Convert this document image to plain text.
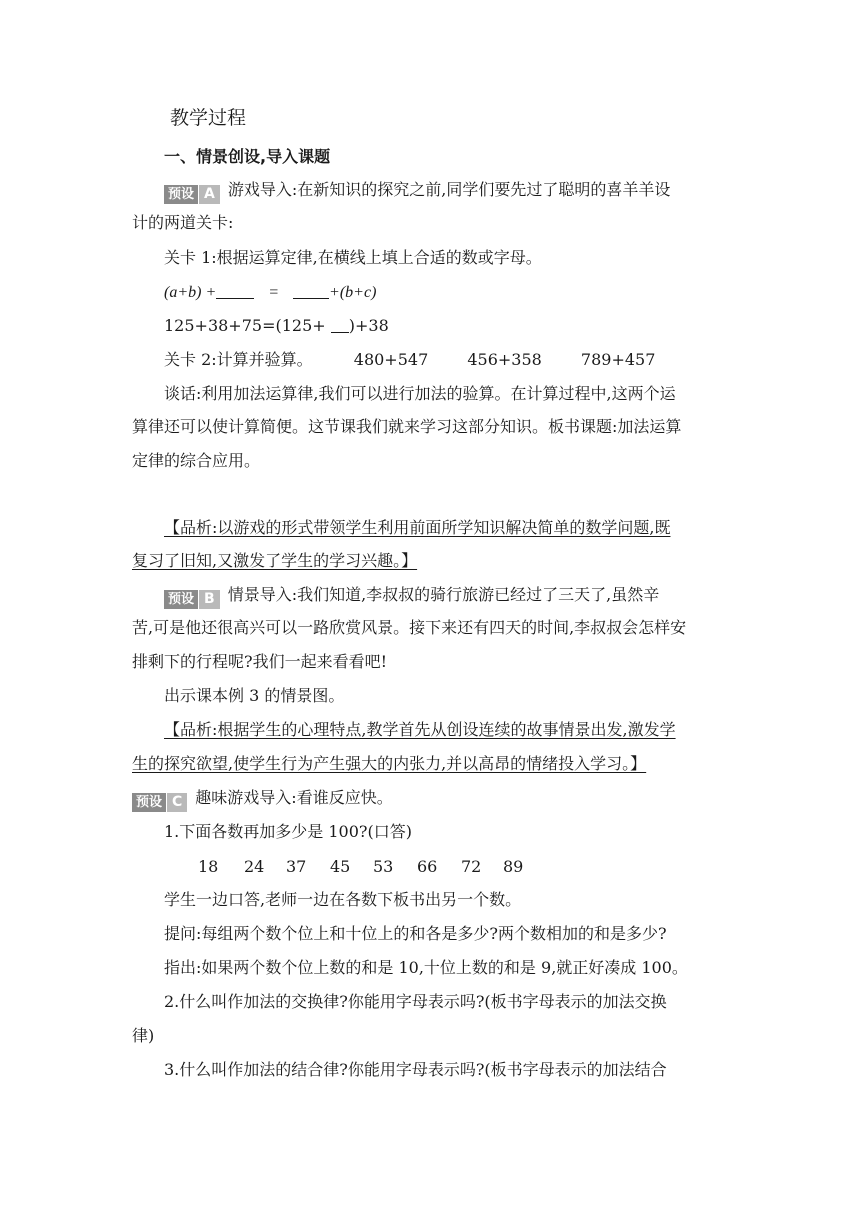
教学过程
一、情景创设,导入课题
预设 A 游戏导入:在新知识的探究之前,同学们要先过了聪明的喜羊羊设
计的两道关卡:
关卡 1:根据运算定律,在横线上填上合适的数或字母。
(a+b) +	=	+(b+c)
125+38+75=(125+ )+38
关卡 2:计算并验算。	480+547 456+358 789+457
谈话:利用加法运算律,我们可以进行加法的验算。在计算过程中,这两个运
算律还可以使计算简便。这节课我们就来学习这部分知识。板书课题:加法运算
定律的综合应用。
【品析:以游戏的形式带领学生利用前面所学知识解决简单的数学问题,既
复习了旧知,又激发了学生的学习兴趣。】
预设 B 情景导入:我们知道,李叔叔的骑行旅游已经过了三天了,虽然辛
苦,可是他还很高兴可以一路欣赏风景。接下来还有四天的时间,李叔叔会怎样安
排剩下的行程呢?我们一起来看看吧!
出示课本例 3 的情景图。
【品析:根据学生的心理特点,教学首先从创设连续的故事情景出发,激发学
生的探究欲望,使学生行为产生强大的内张力,并以高昂的情绪投入学习。】
预设 C 趣味游戏导入:看谁反应快。
1.下面各数再加多少是 100?(口答)
18 24 37 45 53 66 72 89
学生一边口答,老师一边在各数下板书出另一个数。
提问:每组两个数个位上和十位上的和各是多少?两个数相加的和是多少?
指出:如果两个数个位上数的和是 10,十位上数的和是 9,就正好凑成 100。
2.什么叫作加法的交换律?你能用字母表示吗?(板书字母表示的加法交换
律)
3.什么叫作加法的结合律?你能用字母表示吗?(板书字母表示的加法结合
